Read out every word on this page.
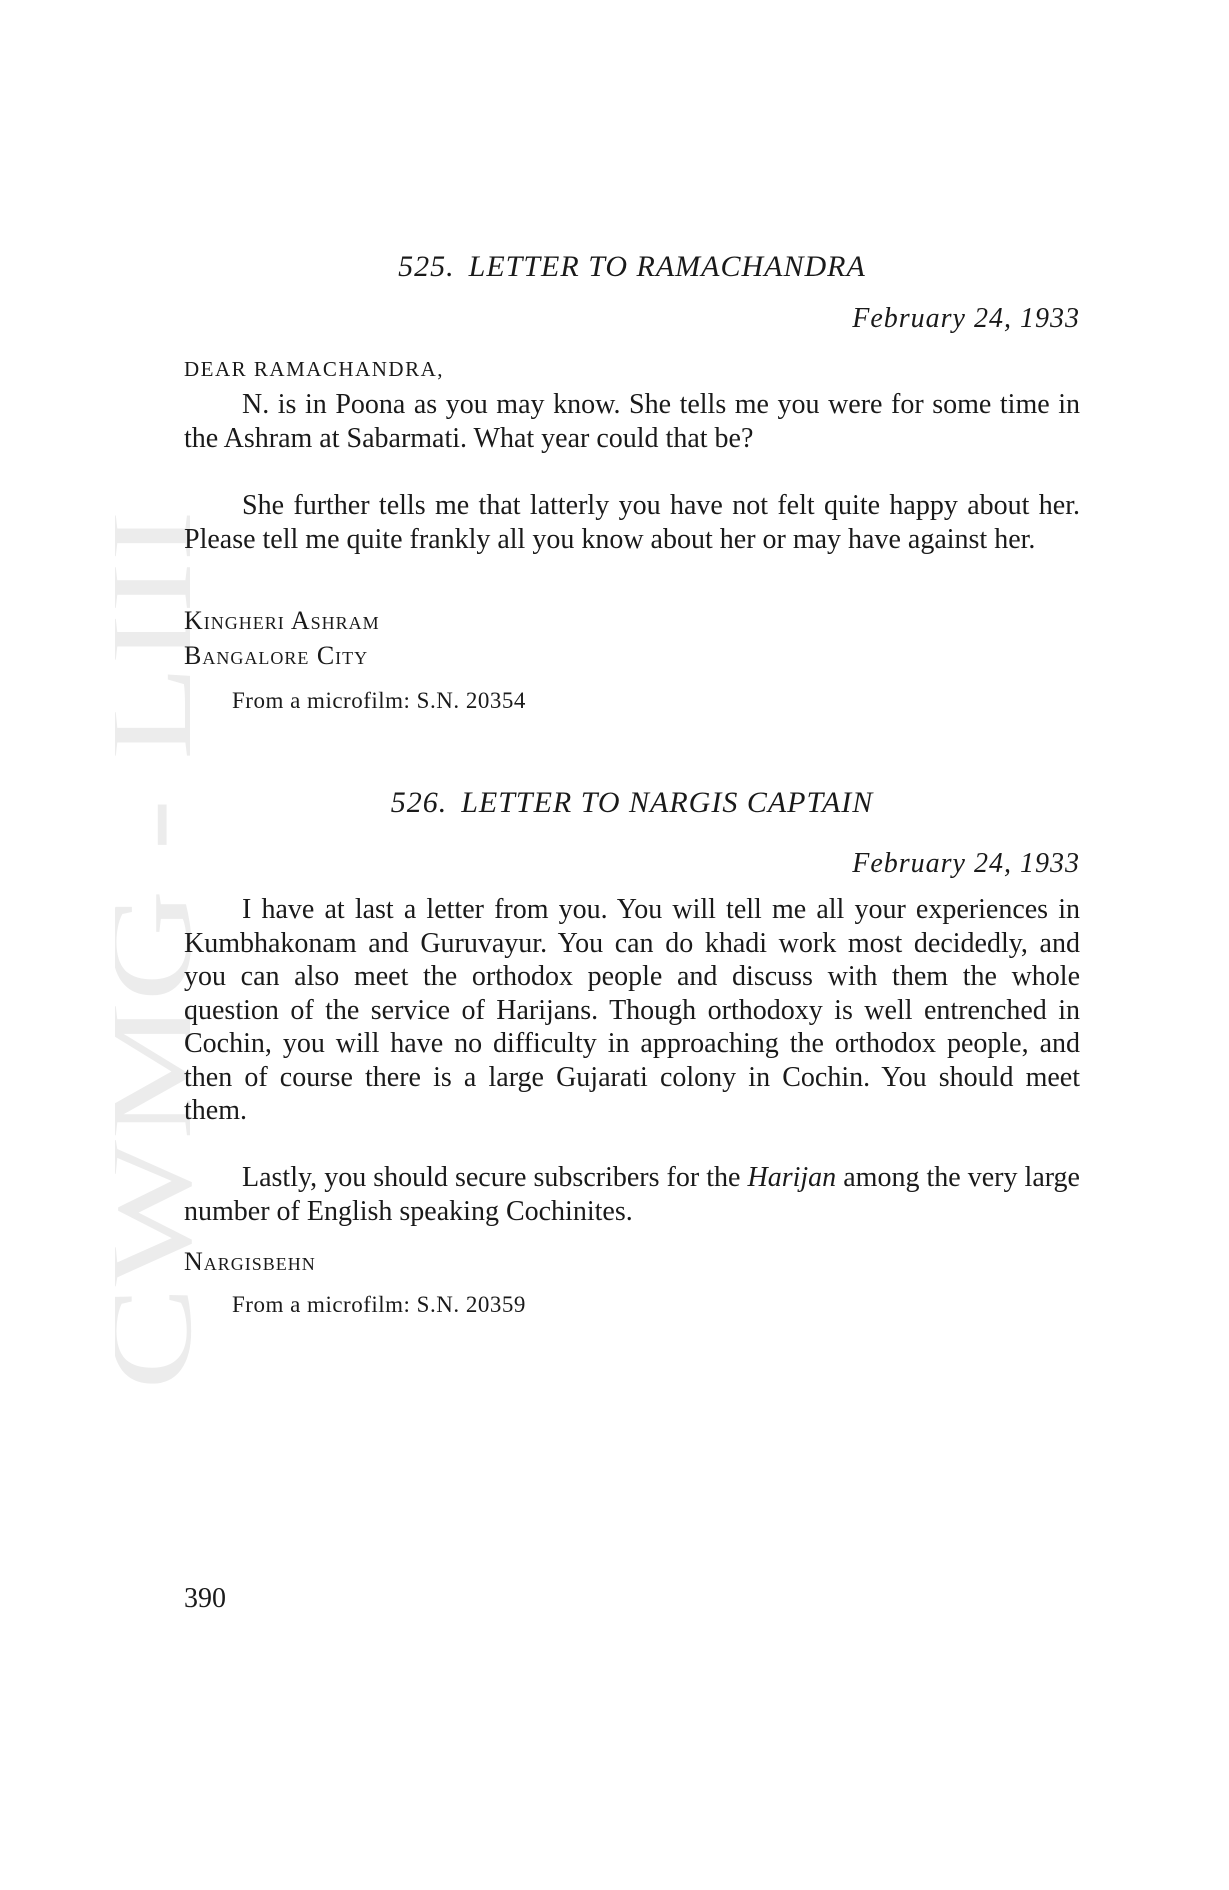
CWMG LIII
525. LETTER TO RAMACHANDRA
February 24, 1933
DEAR RAMACHANDRA,

N. is in Poona as you may know. She tells me you were for some time in the Ashram at Sabarmati. What year could that be?

She further tells me that latterly you have not felt quite happy about her. Please tell me quite frankly all you know about her or may have against her.

Kingheri Ashram
Bangalore City
From a microfilm: S.N. 20354
526. LETTER TO NARGIS CAPTAIN
February 24, 1933

I have at last a letter from you. You will tell me all your experiences in Kumbhakonam and Guruvayur. You can do khadi work most decidedly, and you can also meet the orthodox people and discuss with them the whole question of the service of Harijans. Though orthodoxy is well entrenched in Cochin, you will have no difficulty in approaching the orthodox people, and then of course there is a large Gujarati colony in Cochin. You should meet them.

Lastly, you should secure subscribers for the Harijan among the very large number of English speaking Cochinites.

Nargisbehn
From a microfilm: S.N. 20359
390
